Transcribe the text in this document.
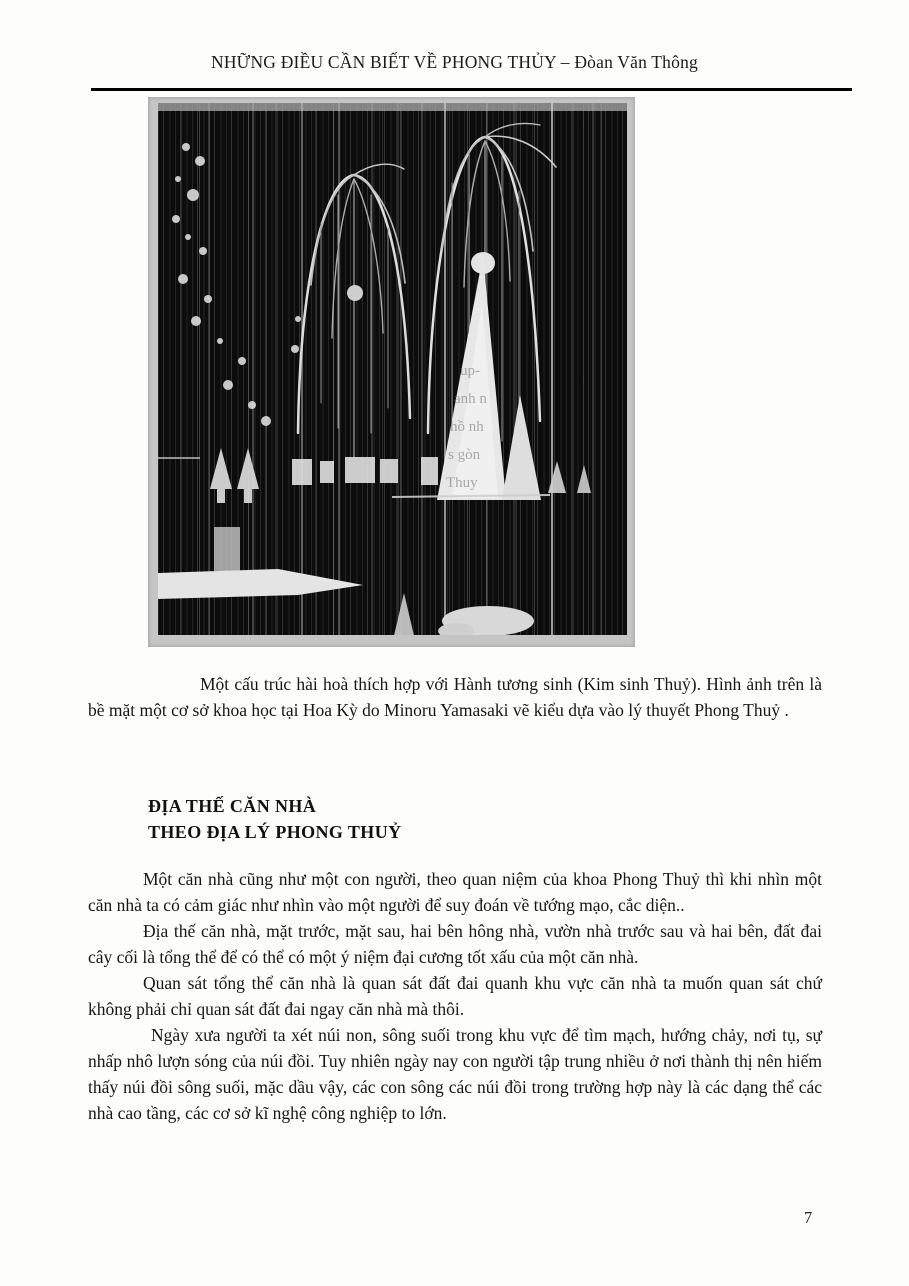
NHỮNG ĐIỀU CẦN BIẾT VỀ PHONG THỦY – Đòan Văn Thông
up-
anh n
hồ nh
s gòn
Thuy

Một cấu trúc hài hoà thích hợp với Hành tương sinh (Kim sinh Thuỷ). Hình ảnh trên là bề mặt một cơ sở khoa học tại Hoa Kỳ do Minoru Yamasaki vẽ kiểu dựa vào lý thuyết Phong Thuỷ .

ĐỊA THẾ CĂN NHÀ
THEO ĐỊA LÝ PHONG THUỶ

Một căn nhà cũng như một con người, theo quan niệm của khoa Phong Thuỷ thì khi nhìn một căn nhà ta có cảm giác như nhìn vào một người để suy đoán về tướng mạo, cắc diện..

Địa thế căn nhà, mặt trước, mặt sau, hai bên hông nhà, vườn nhà trước sau và hai bên, đất đai cây cối là tổng thể để có thể có một ý niệm đại cương tốt xấu của một căn nhà.

Quan sát tổng thể căn nhà là quan sát đất đai quanh khu vực căn nhà ta muốn quan sát chứ không phải chỉ quan sát đất đai ngay căn nhà mà thôi.

Ngày xưa người ta xét núi non, sông suối trong khu vực để tìm mạch, hướng chảy, nơi tụ, sự nhấp nhô lượn sóng của núi đồi. Tuy nhiên ngày nay con người tập trung nhiều ở nơi thành thị nên hiếm thấy núi đồi sông suối, mặc dầu vậy, các con sông các núi đồi trong trường hợp này là các dạng thể các nhà cao tầng, các cơ sở kĩ nghệ công nghiệp to lớn.

7
